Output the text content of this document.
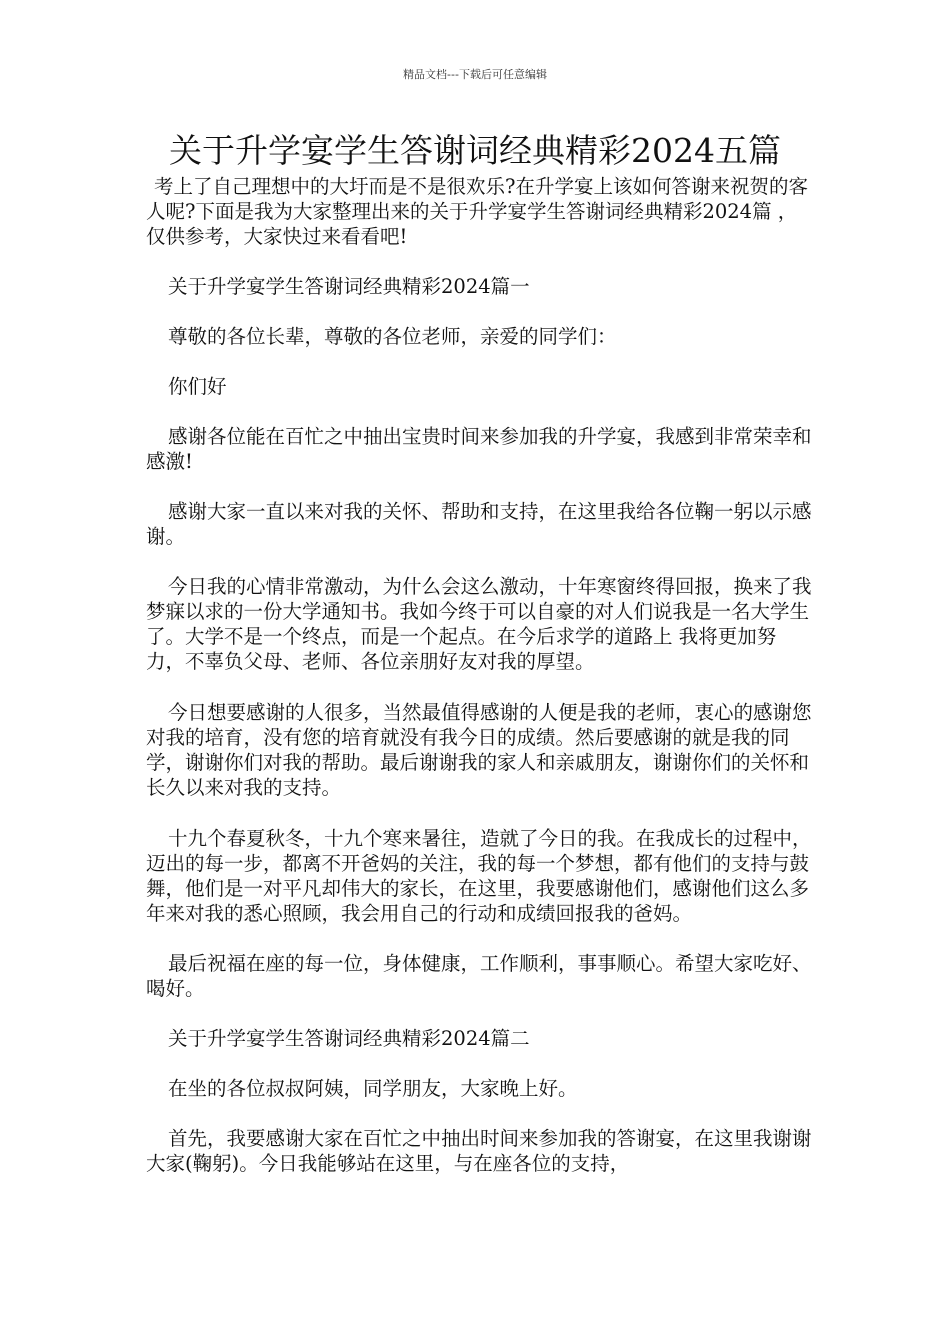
精品文档---下载后可任意编辑
关于升学宴学生答谢词经典精彩2024五篇

考上了自己理想中的大圩而是不是很欢乐?在升学宴上该如何答谢来祝贺的客人呢?下面是我为大家整理出来的关于升学宴学生答谢词经典精彩2024篇 ，仅供参考，大家快过来看看吧!

关于升学宴学生答谢词经典精彩2024篇一

尊敬的各位长辈，尊敬的各位老师，亲爱的同学们：

你们好

感谢各位能在百忙之中抽出宝贵时间来参加我的升学宴，我感到非常荣幸和感激!

感谢大家一直以来对我的关怀、帮助和支持，在这里我给各位鞠一躬以示感谢。

今日我的心情非常激动，为什么会这么激动，十年寒窗终得回报，换来了我梦寐以求的一份大学通知书。我如今终于可以自豪的对人们说我是一名大学生了。大学不是一个终点，而是一个起点。在今后求学的道路上 我将更加努力，不辜负父母、老师、各位亲朋好友对我的厚望。

今日想要感谢的人很多，当然最值得感谢的人便是我的老师，衷心的感谢您对我的培育，没有您的培育就没有我今日的成绩。然后要感谢的就是我的同学，谢谢你们对我的帮助。最后谢谢我的家人和亲戚朋友，谢谢你们的关怀和长久以来对我的支持。

十九个春夏秋冬，十九个寒来暑往，造就了今日的我。在我成长的过程中，迈出的每一步，都离不开爸妈的关注，我的每一个梦想，都有他们的支持与鼓舞，他们是一对平凡却伟大的家长，在这里，我要感谢他们，感谢他们这么多年来对我的悉心照顾，我会用自己的行动和成绩回报我的爸妈。

最后祝福在座的每一位，身体健康，工作顺利，事事顺心。希望大家吃好、喝好。

关于升学宴学生答谢词经典精彩2024篇二

在坐的各位叔叔阿姨，同学朋友，大家晚上好。

首先，我要感谢大家在百忙之中抽出时间来参加我的答谢宴，在这里我谢谢大家(鞠躬)。今日我能够站在这里，与在座各位的支持，
